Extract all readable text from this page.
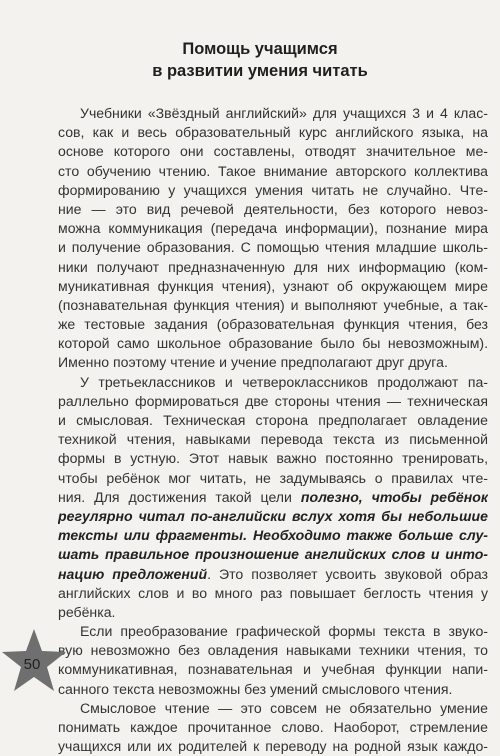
Помощь учащимся
в развитии умения читать
Учебники «Звёздный английский» для учащихся 3 и 4 клас-
сов, как и весь образовательный курс английского языка, на
основе которого они составлены, отводят значительное ме-
сто обучению чтению. Такое внимание авторского коллектива
формированию у учащихся умения читать не случайно. Чте-
ние — это вид речевой деятельности, без которого невоз-
можна коммуникация (передача информации), познание мира
и получение образования. С помощью чтения младшие школь-
ники получают предназначенную для них информацию (ком-
муникативная функция чтения), узнают об окружающем мире
(познавательная функция чтения) и выполняют учебные, а так-
же тестовые задания (образовательная функция чтения, без
которой само школьное образование было бы невозможным).
Именно поэтому чтение и учение предполагают друг друга.
У третьеклассников и четвероклассников продолжают па-
раллельно формироваться две стороны чтения — техническая
и смысловая. Техническая сторона предполагает овладение
техникой чтения, навыками перевода текста из письменной
формы в устную. Этот навык важно постоянно тренировать,
чтобы ребёнок мог читать, не задумываясь о правилах чте-
ния. Для достижения такой цели полезно, чтобы ребёнок
регулярно читал по-английски вслух хотя бы небольшие
тексты или фрагменты. Необходимо также больше слу-
шать правильное произношение английских слов и инто-
нацию предложений. Это позволяет усвоить звуковой образ
английских слов и во много раз повышает беглость чтения у
ребёнка.
Если преобразование графической формы текста в звуко-
вую невозможно без овладения навыками техники чтения, то
коммуникативная, познавательная и учебная функции напи-
санного текста невозможны без умений смыслового чтения.
Смысловое чтение — это совсем не обязательно умение
понимать каждое прочитанное слово. Наоборот, стремление
учащихся или их родителей к переводу на родной язык каждо-
50
